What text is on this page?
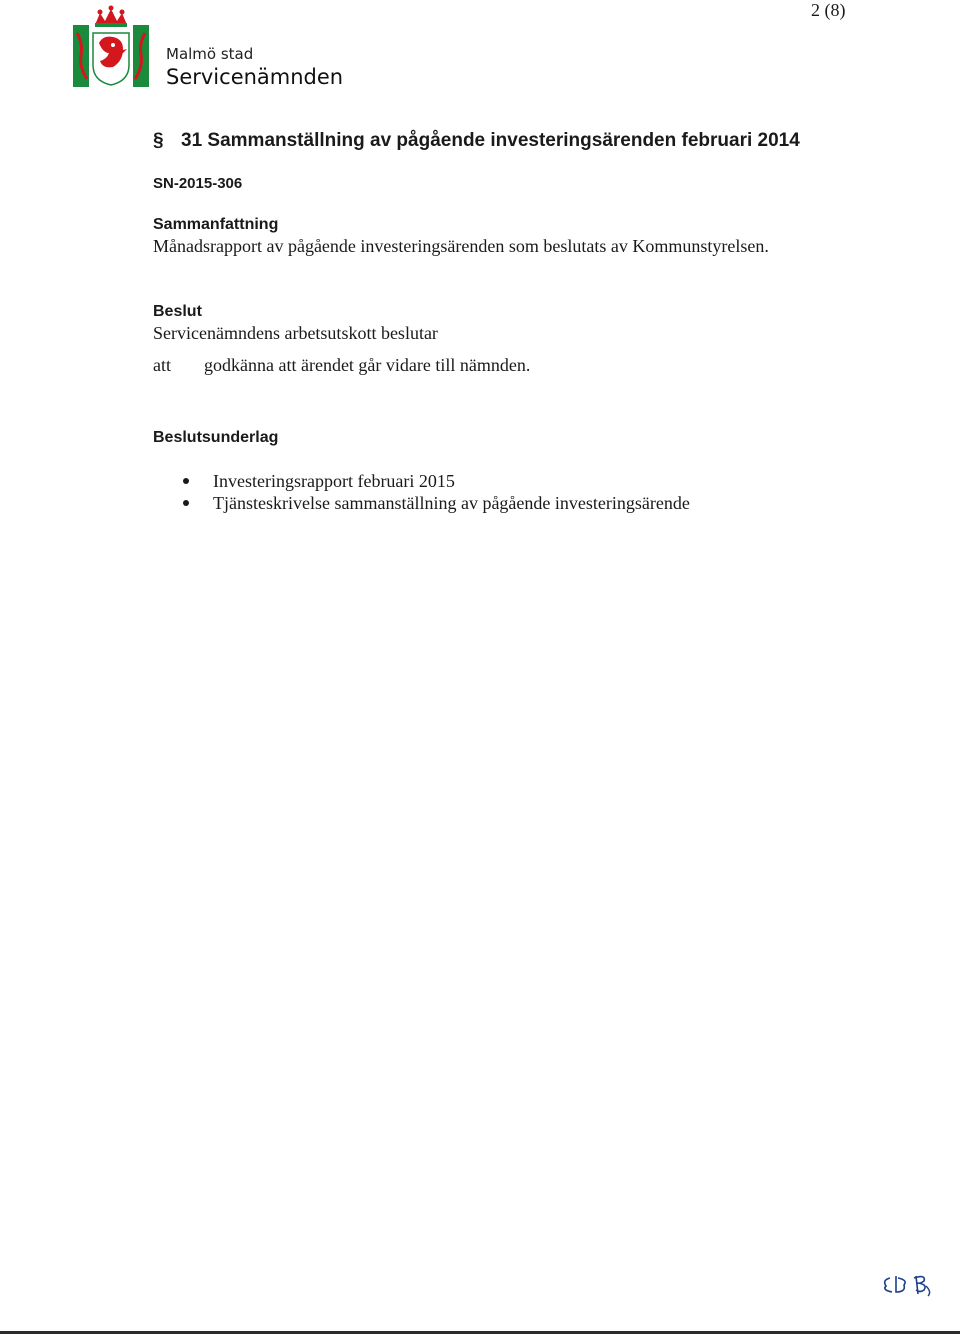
2 (8)
Malmö stad
Servicenämnden
§ 31 Sammanställning av pågående investeringsärenden februari 2014
SN-2015-306
Sammanfattning
Månadsrapport av pågående investeringsärenden som beslutats av Kommunstyrelsen.
Beslut
Servicenämndens arbetsutskott beslutar
att godkänna att ärendet går vidare till nämnden.
Beslutsunderlag
Investeringsrapport februari 2015
Tjänsteskrivelse sammanställning av pågående investeringsärende
